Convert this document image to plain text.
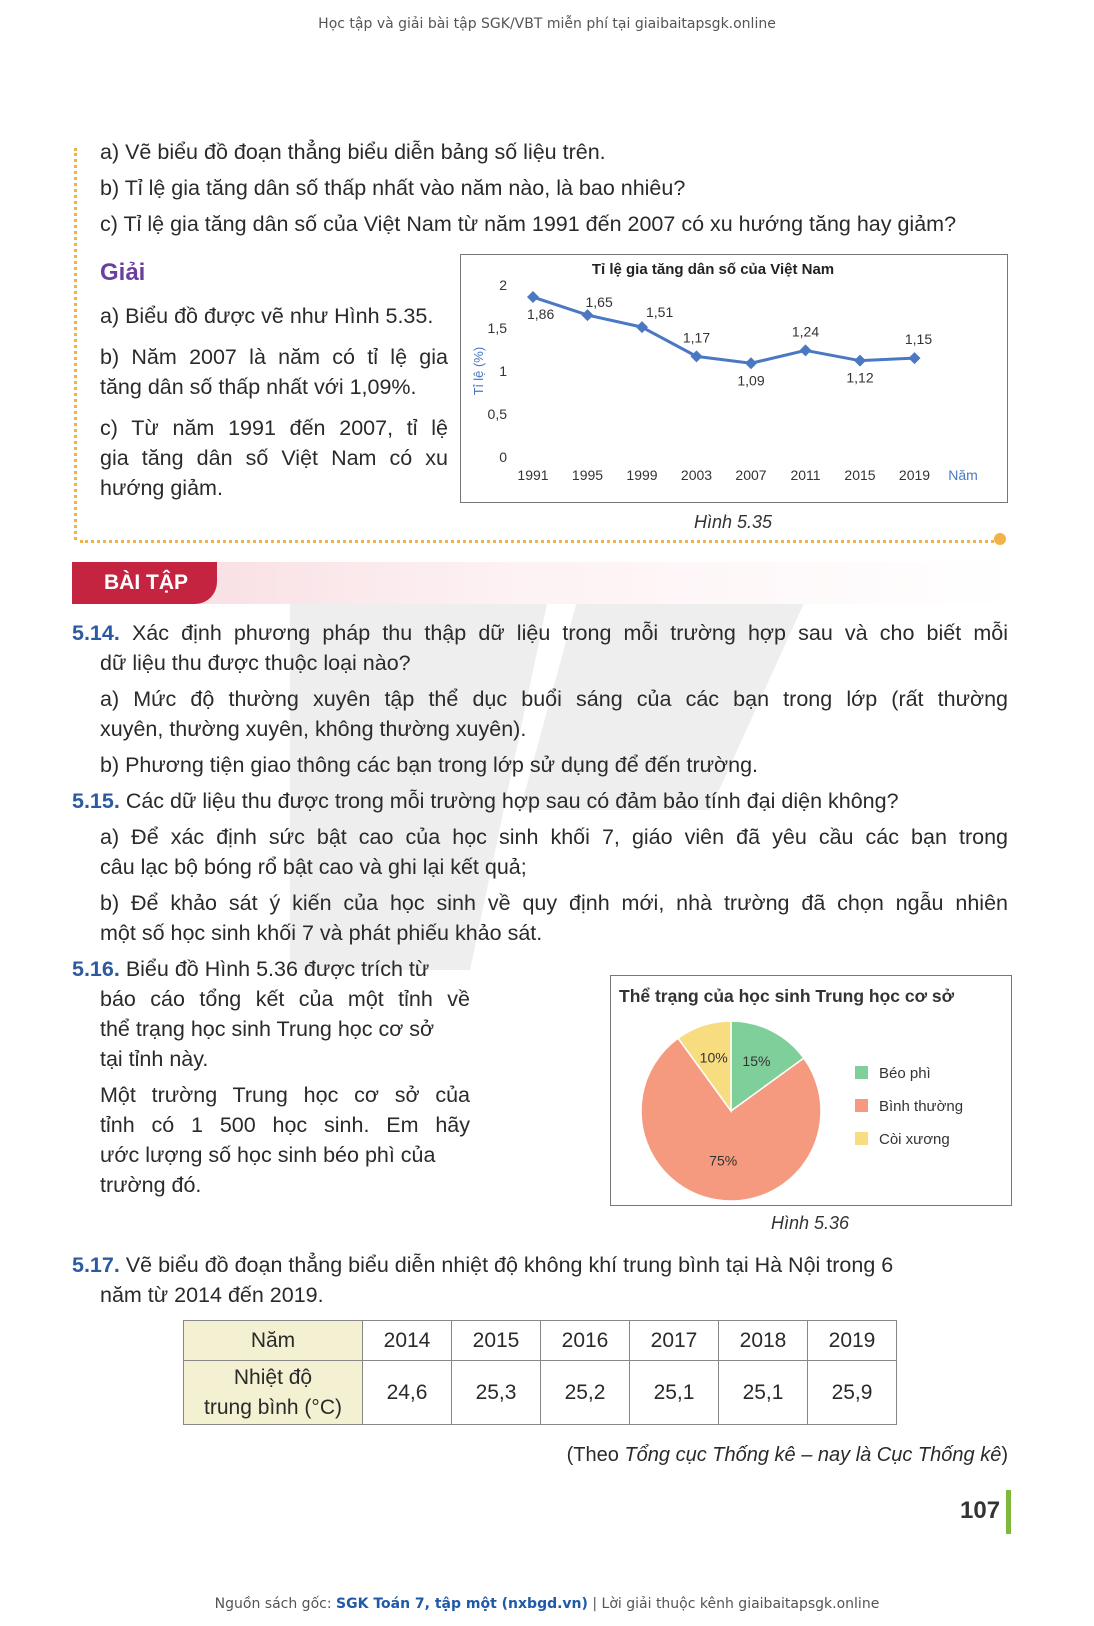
Học tập và giải bài tập SGK/VBT miễn phí tại giaibaitapsgk.online
a) Vẽ biểu đồ đoạn thẳng biểu diễn bảng số liệu trên.
b) Tỉ lệ gia tăng dân số thấp nhất vào năm nào, là bao nhiêu?
c) Tỉ lệ gia tăng dân số của Việt Nam từ năm 1991 đến 2007 có xu hướng tăng hay giảm?
Giải
a) Biểu đồ được vẽ như Hình 5.35.
b) Năm 2007 là năm có tỉ lệ gia
tăng dân số thấp nhất với 1,09%.
c) Từ năm 1991 đến 2007, tỉ lệ
gia tăng dân số Việt Nam có xu
hướng giảm.
Tỉ lệ gia tăng dân số của Việt Nam
Tỉ lệ (%)
0
0,5
1
1,5
2
1991 1995 1999 2003 2007 2011 2015 2019 Năm
1,86
1,65
1,51
1,17
1,09
1,24
1,12
1,15
Hình 5.35
BÀI TẬP
5.14. Xác định phương pháp thu thập dữ liệu trong mỗi trường hợp sau và cho biết mỗi
dữ liệu thu được thuộc loại nào?
a) Mức độ thường xuyên tập thể dục buổi sáng của các bạn trong lớp (rất thường
xuyên, thường xuyên, không thường xuyên).
b) Phương tiện giao thông các bạn trong lớp sử dụng để đến trường.
5.15. Các dữ liệu thu được trong mỗi trường hợp sau có đảm bảo tính đại diện không?
a) Để xác định sức bật cao của học sinh khối 7, giáo viên đã yêu cầu các bạn trong
câu lạc bộ bóng rổ bật cao và ghi lại kết quả;
b) Để khảo sát ý kiến của học sinh về quy định mới, nhà trường đã chọn ngẫu nhiên
một số học sinh khối 7 và phát phiếu khảo sát.
5.16. Biểu đồ Hình 5.36 được trích từ
báo cáo tổng kết của một tỉnh về
thể trạng học sinh Trung học cơ sở
tại tỉnh này.
Một trường Trung học cơ sở của
tỉnh có 1 500 học sinh. Em hãy
ước lượng số học sinh béo phì của
trường đó.
Thể trạng của học sinh Trung học cơ sở
15%
75%
10%
Béo phì
Bình thường
Còi xương
Hình 5.36
5.17. Vẽ biểu đồ đoạn thẳng biểu diễn nhiệt độ không khí trung bình tại Hà Nội trong 6
năm từ 2014 đến 2019.
Năm	2014	2015	2016	2017	2018	2019
Nhiệt độ
trung bình (°C)	24,6	25,3	25,2	25,1	25,1	25,9
(Theo Tổng cục Thống kê – nay là Cục Thống kê)
107
Nguồn sách gốc: SGK Toán 7, tập một (nxbgd.vn) | Lời giải thuộc kênh giaibaitapsgk.online
